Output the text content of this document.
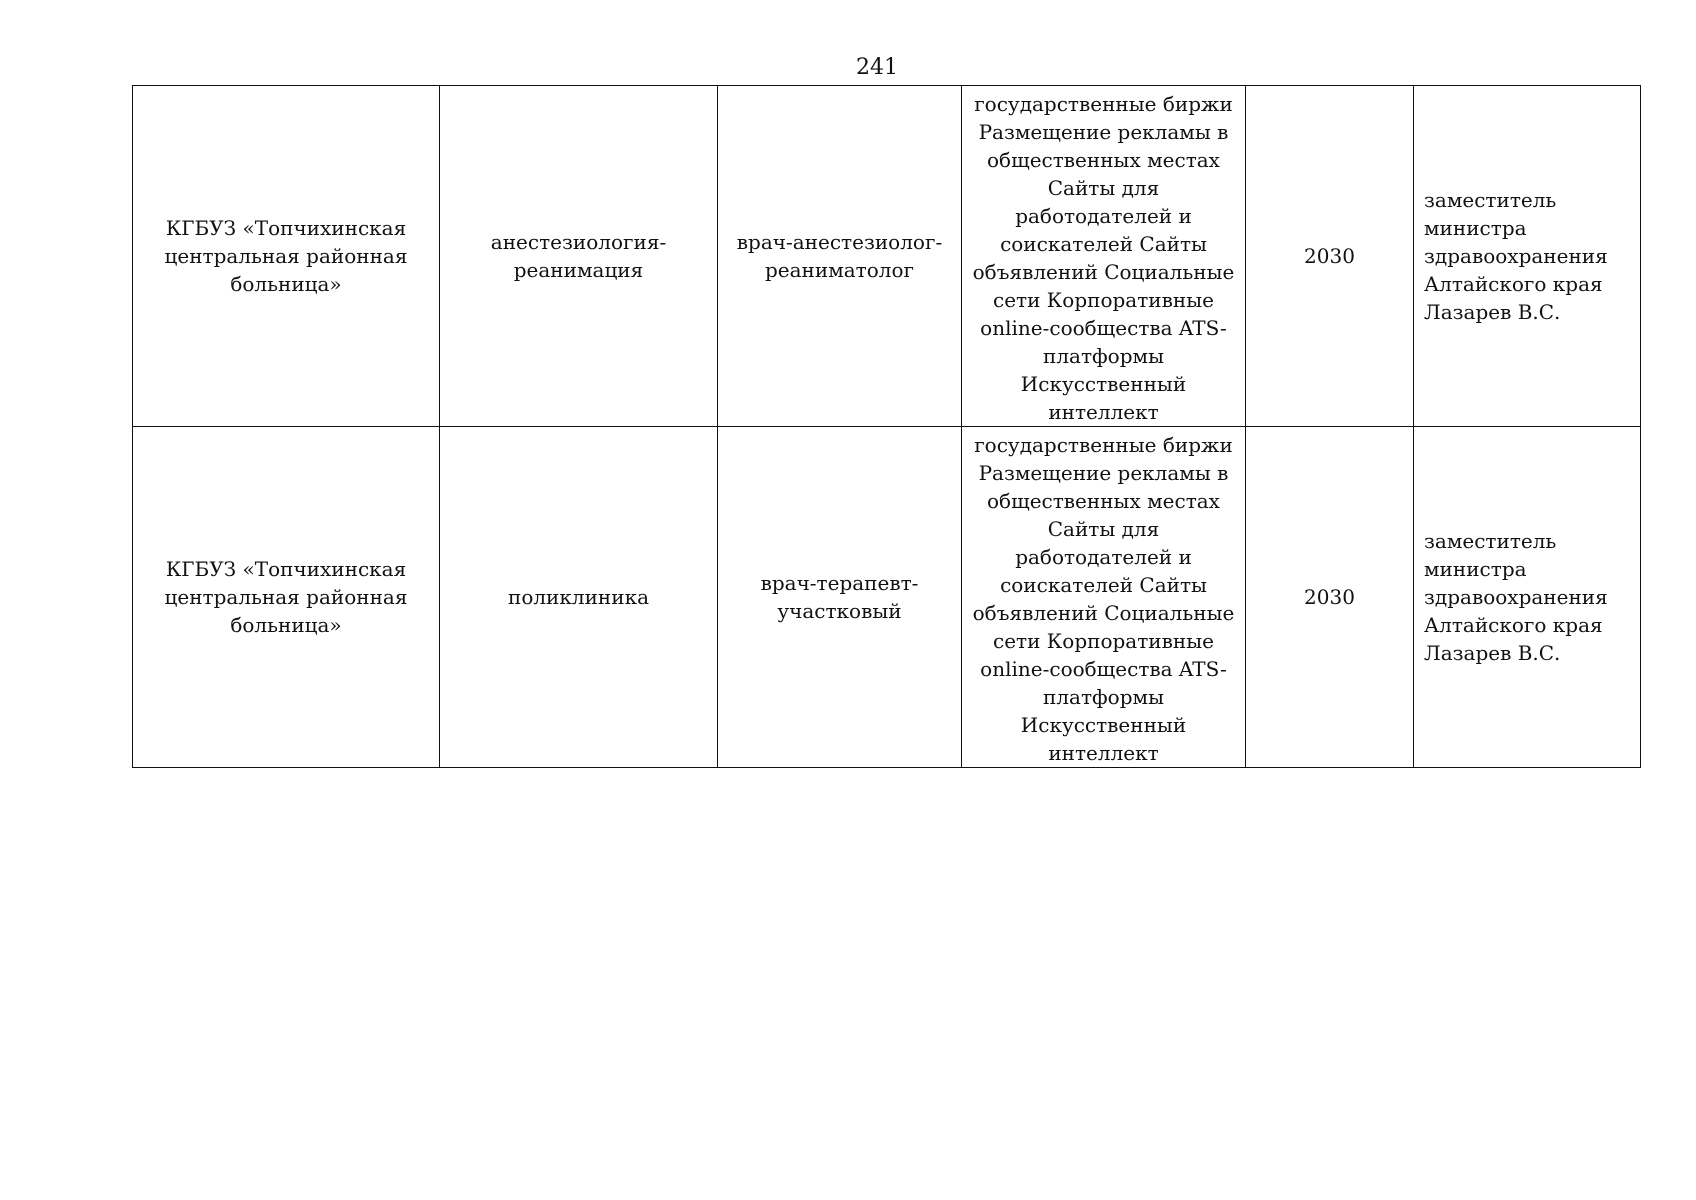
241
КГБУЗ «Топчихинская центральная районная больница»	анестезиология-реанимация	врач-анестезиолог-реаниматолог	государственные биржи
Размещение рекламы в общественных местах
Сайты для работодателей и соискателей Сайты объявлений Социальные сети Корпоративные online-сообщества ATS-платформы Искусственный интеллект	2030	заместитель министра здравоохранения Алтайского края Лазарев В.С.
КГБУЗ «Топчихинская центральная районная больница»	поликлиника	врач-терапевт-участковый	государственные биржи
Размещение рекламы в общественных местах
Сайты для работодателей и соискателей Сайты объявлений Социальные сети Корпоративные online-сообщества ATS-платформы Искусственный интеллект	2030	заместитель министра здравоохранения Алтайского края Лазарев В.С.
